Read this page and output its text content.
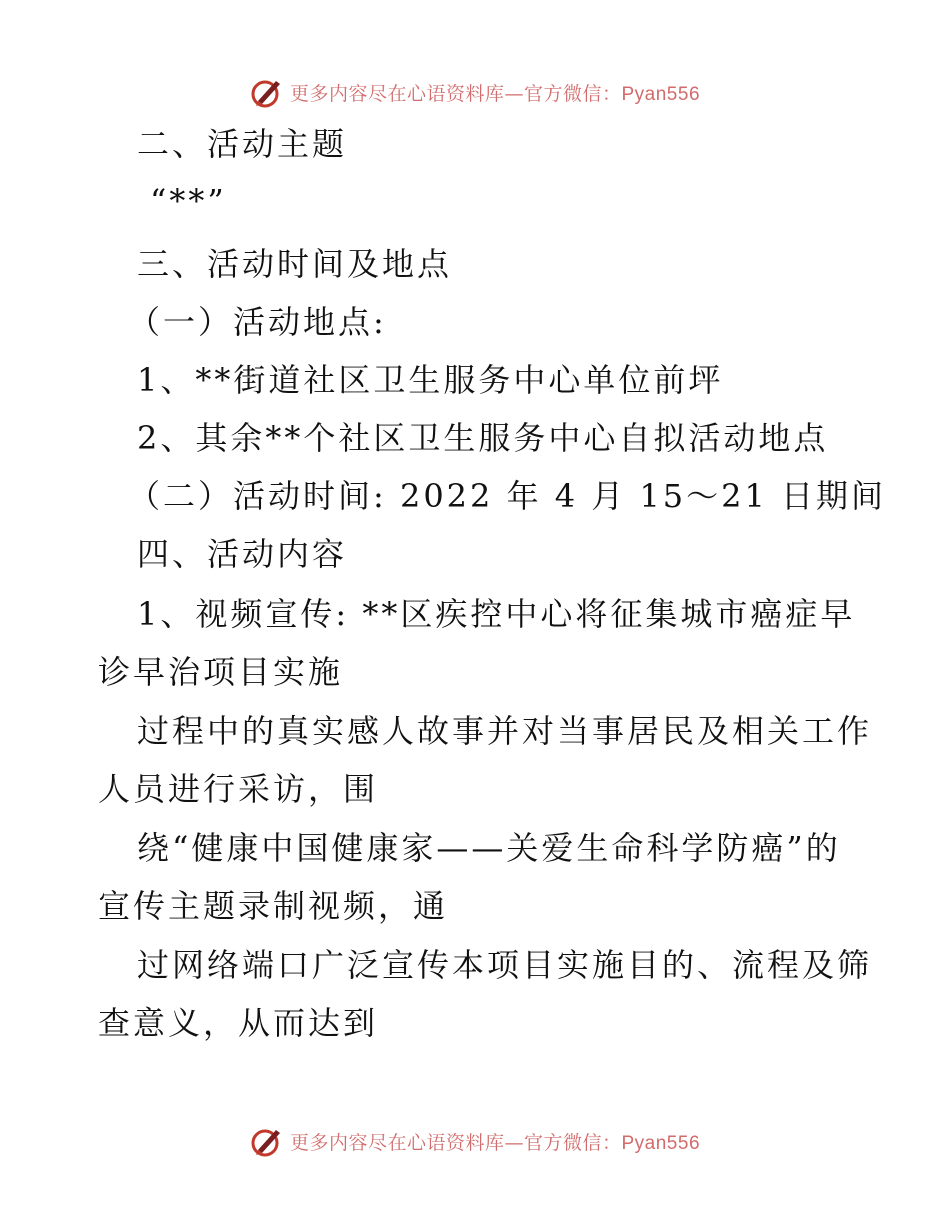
更多内容尽在心语资料库—官方微信：Pyan556
二、活动主题
“**”
三、活动时间及地点
（一）活动地点:
1、**街道社区卫生服务中心单位前坪
2、其余**个社区卫生服务中心自拟活动地点
（二）活动时间: 2022 年 4 月 15～21 日期间
四、活动内容
1、视频宣传: **区疾控中心将征集城市癌症早
诊早治项目实施
过程中的真实感人故事并对当事居民及相关工作
人员进行采访，围
绕“健康中国健康家——关爱生命科学防癌”的
宣传主题录制视频，通
过网络端口广泛宣传本项目实施目的、流程及筛
查意义，从而达到
更多内容尽在心语资料库—官方微信：Pyan556
